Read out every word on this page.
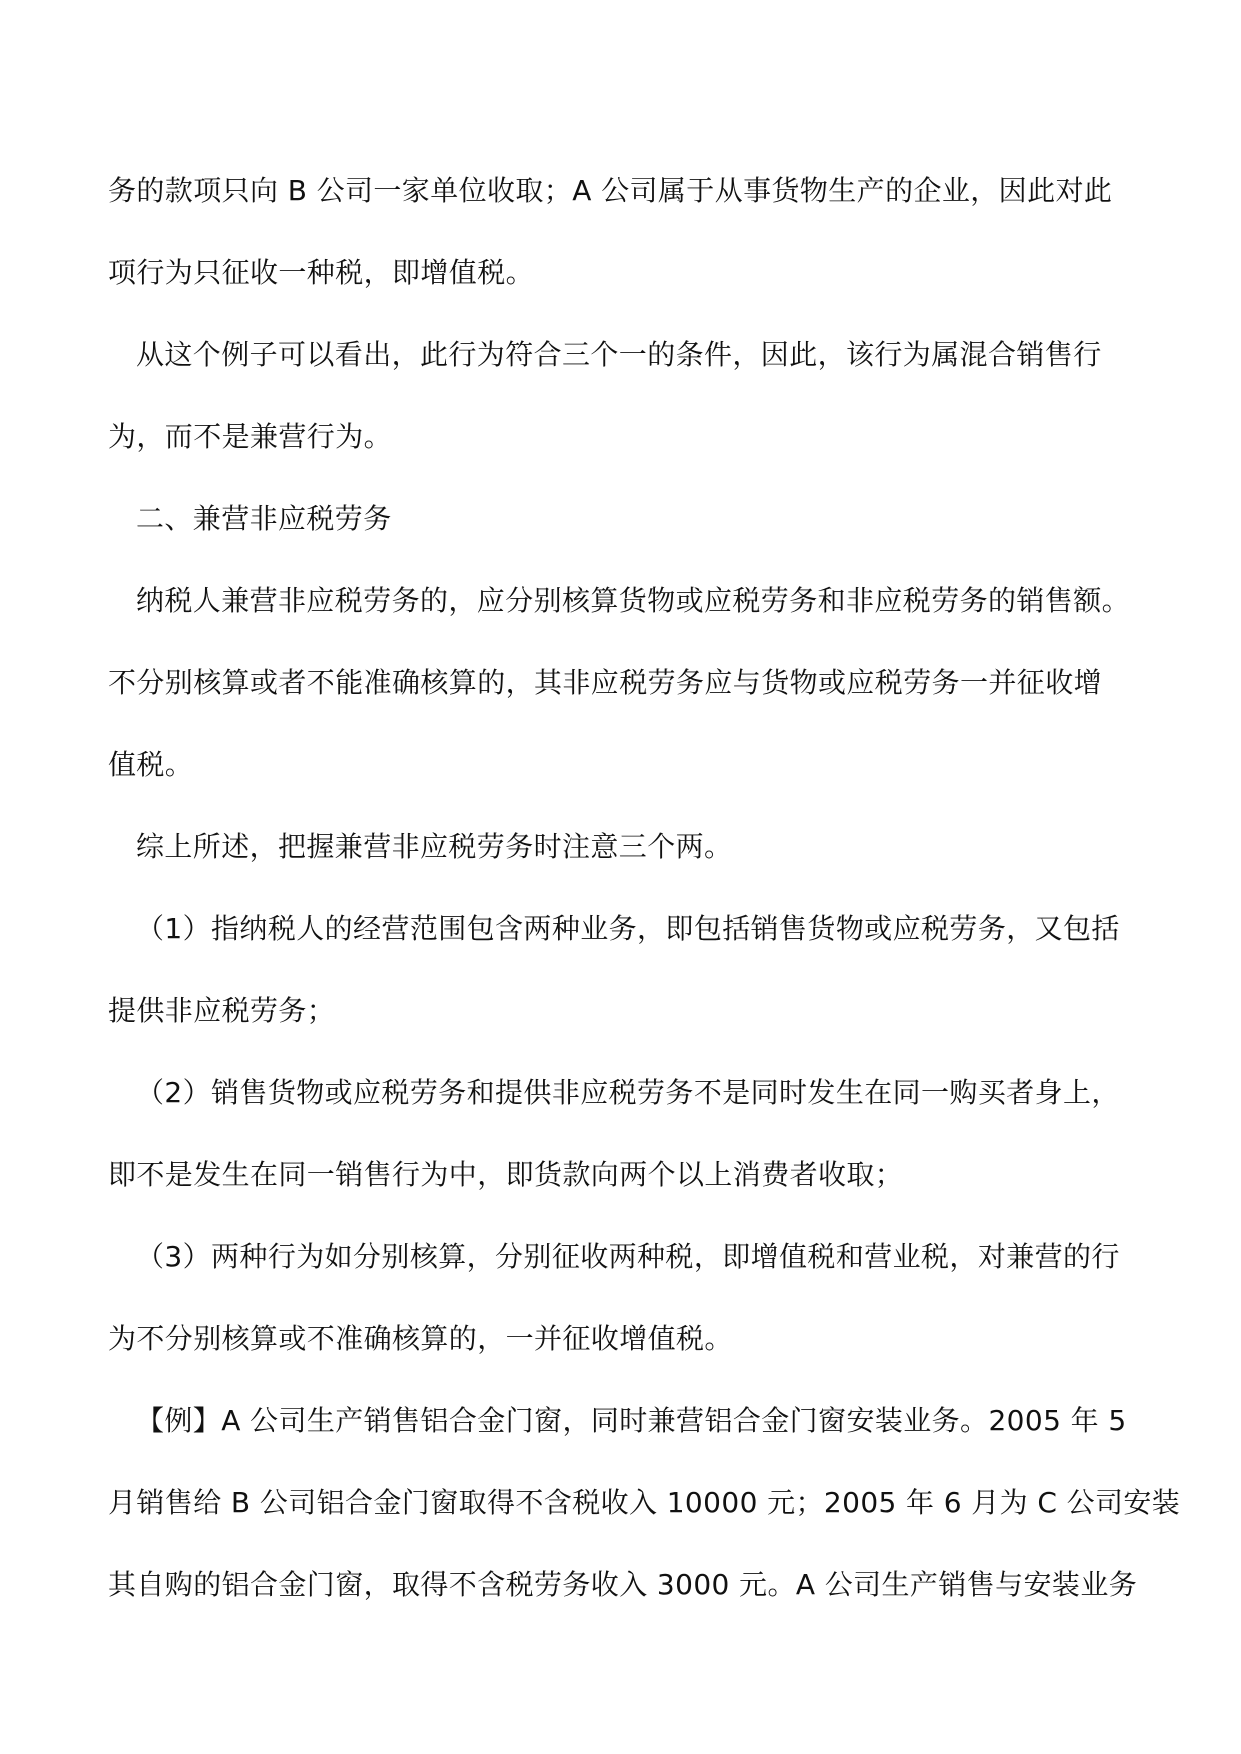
务的款项只向 B 公司一家单位收取；A 公司属于从事货物生产的企业，因此对此
项行为只征收一种税，即增值税。
从这个例子可以看出，此行为符合三个一的条件，因此，该行为属混合销售行
为，而不是兼营行为。
二、兼营非应税劳务
纳税人兼营非应税劳务的，应分别核算货物或应税劳务和非应税劳务的销售额。
不分别核算或者不能准确核算的，其非应税劳务应与货物或应税劳务一并征收增
值税。
综上所述，把握兼营非应税劳务时注意三个两。
（1）指纳税人的经营范围包含两种业务，即包括销售货物或应税劳务，又包括
提供非应税劳务；
（2）销售货物或应税劳务和提供非应税劳务不是同时发生在同一购买者身上，
即不是发生在同一销售行为中，即货款向两个以上消费者收取；
（3）两种行为如分别核算，分别征收两种税，即增值税和营业税，对兼营的行
为不分别核算或不准确核算的，一并征收增值税。
【例】A 公司生产销售铝合金门窗，同时兼营铝合金门窗安装业务。2005 年 5
月销售给 B 公司铝合金门窗取得不含税收入 10000 元；2005 年 6 月为 C 公司安装
其自购的铝合金门窗，取得不含税劳务收入 3000 元。A 公司生产销售与安装业务
